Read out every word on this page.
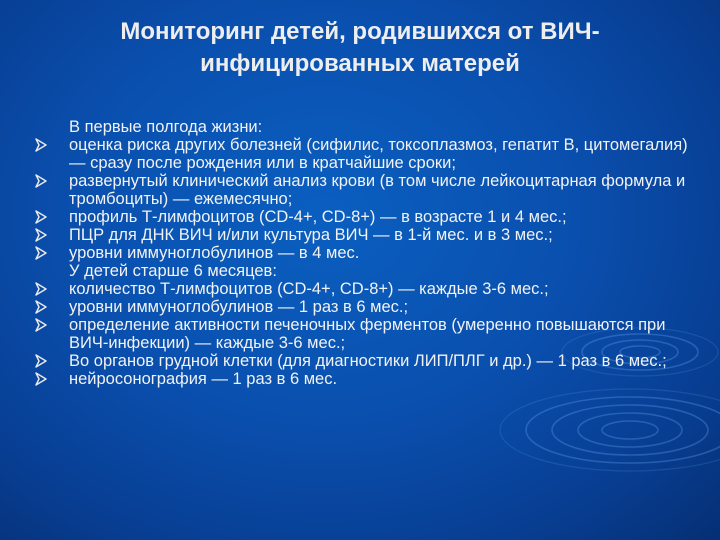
Мониторинг детей, родившихся от ВИЧ-
инфицированных матерей
В первые полгода жизни:
оценка риска других болезней (сифилис, токсоплазмоз, гепатит В, цитомегалия) — сразу после рождения или в кратчайшие сроки;
развернутый клинический анализ крови (в том числе лейкоцитарная формула и тромбоциты) — ежемесячно;
профиль Т-лимфоцитов (CD-4+, CD-8+) — в возрасте 1 и 4 мес.;
ПЦР для ДНК ВИЧ и/или культура ВИЧ — в 1-й мес. и в 3 мес.;
уровни иммуноглобулинов — в 4 мес.
У детей старше 6 месяцев:
количество Т-лимфоцитов (CD-4+, CD-8+) — каждые 3-6 мес.;
уровни иммуноглобулинов — 1 раз в 6 мес.;
определение активности печеночных ферментов (умеренно повышаются при ВИЧ-инфекции) — каждые 3-6 мес.;
Во органов грудной клетки (для диагностики ЛИП/ПЛГ и др.) — 1 раз в 6 мес.;
нейросонография — 1 раз в 6 мес.
